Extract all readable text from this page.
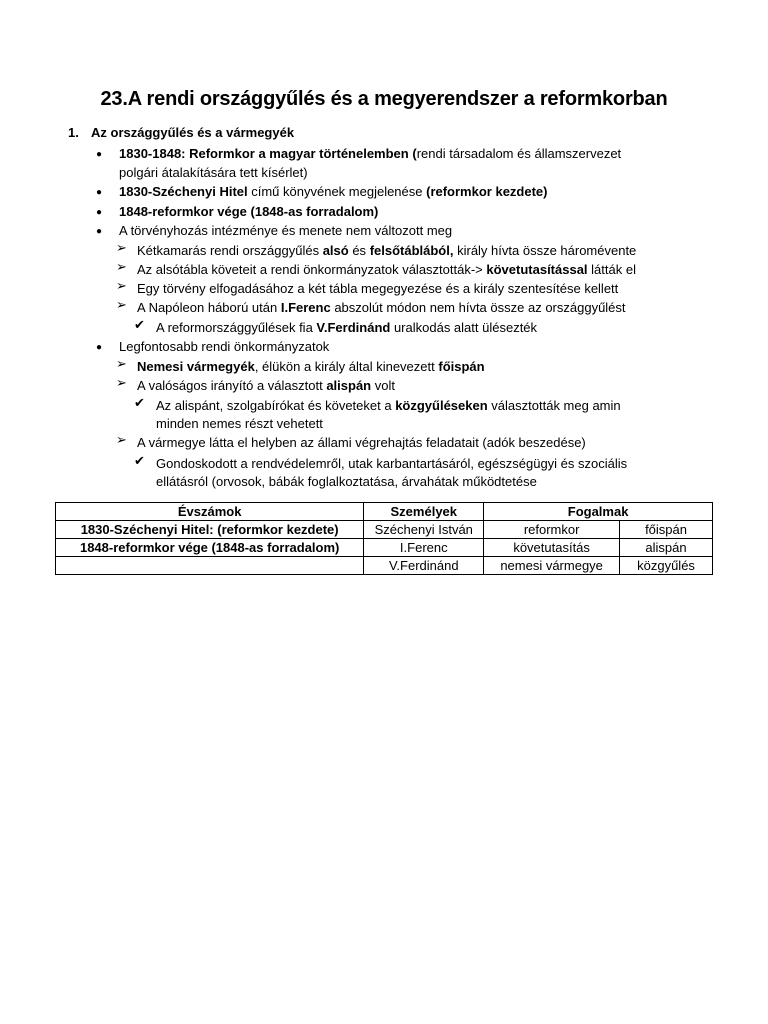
23.A rendi országgyűlés és a megyerendszer a reformkorban
1. Az országgyűlés és a vármegyék
● 1830-1848: Reformkor a magyar történelemben (rendi társadalom és államszervezet
polgári átalakítására tett kísérlet)
● 1830-Széchenyi Hitel című könyvének megjelenése (reformkor kezdete)
● 1848-reformkor vége (1848-as forradalom)
● A törvényhozás intézménye és menete nem változott meg
➢ Kétkamarás rendi országgyűlés alsó és felsőtáblából, király hívta össze háromévente
➢ Az alsótábla követeit a rendi önkormányzatok választották-> követutasítással látták el
➢ Egy törvény elfogadásához a két tábla megegyezése és a király szentesítése kellett
➢ A Napóleon háború után I.Ferenc abszolút módon nem hívta össze az országgyűlést
✔ A reformországgyűlések fia V.Ferdinánd uralkodás alatt ülésezték
● Legfontosabb rendi önkormányzatok
➢ Nemesi vármegyék, élükön a király által kinevezett főispán
➢ A valóságos irányító a választott alispán volt
✔ Az alispánt, szolgabírókat és követeket a közgyűléseken választották meg amin
minden nemes részt vehetett
➢ A vármegye látta el helyben az állami végrehajtás feladatait (adók beszedése)
✔ Gondoskodott a rendvédelemről, utak karbantartásáról, egészségügyi és szociális
ellátásról (orvosok, bábák foglalkoztatása, árvahátak működtetése
Évszámok	Személyek	Fogalmak	
1830-Széchenyi Hitel: (reformkor kezdete)	Széchenyi István	reformkor	főispán
1848-reformkor vége (1848-as forradalom)	I.Ferenc	követutasítás	alispán
	V.Ferdinánd	nemesi vármegye	közgyűlés
